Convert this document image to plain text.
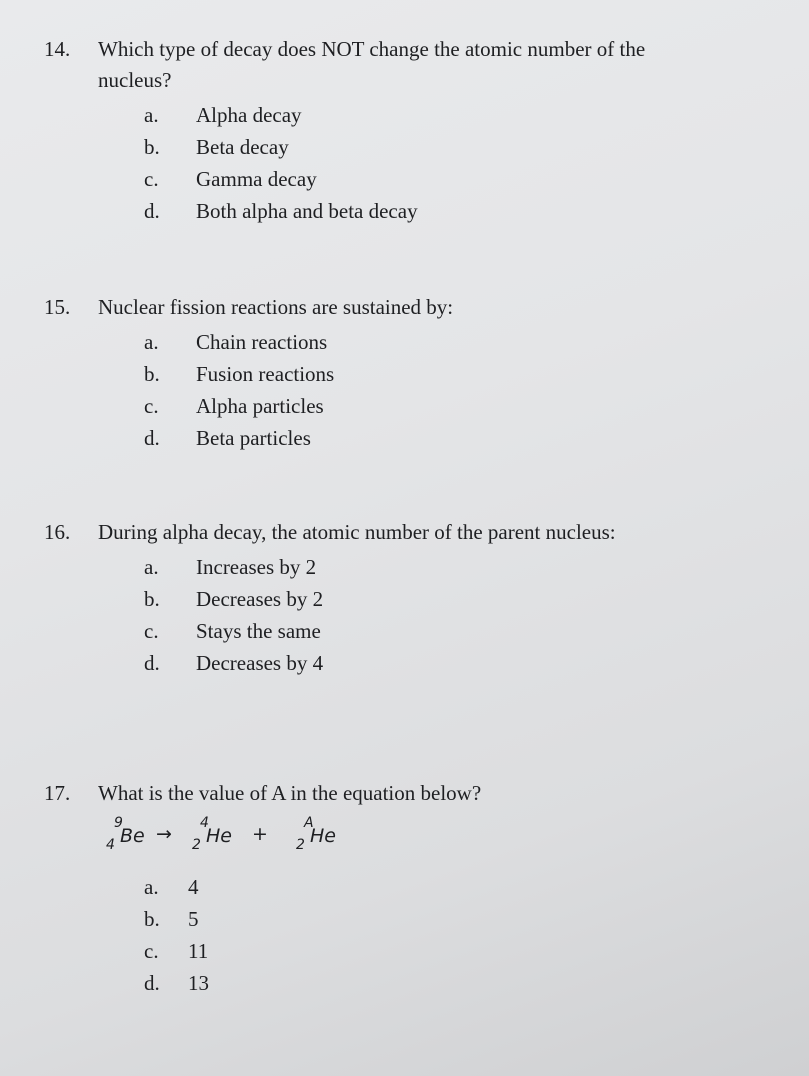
14.	Which type of decay does NOT change the atomic number of the nucleus?
a.	Alpha decay
b.	Beta decay
c.	Gamma decay
d.	Both alpha and beta decay
15.	Nuclear fission reactions are sustained by:
a.	Chain reactions
b.	Fusion reactions
c.	Alpha particles
d.	Beta particles
16.	During alpha decay, the atomic number of the parent nucleus:
a.	Increases by 2
b.	Decreases by 2
c.	Stays the same
d.	Decreases by 4
17.	What is the value of A in the equation below?
9
4 Be → 4
2 He +	A
2 He
a.	4
b.	5
c.	11
d.	13
